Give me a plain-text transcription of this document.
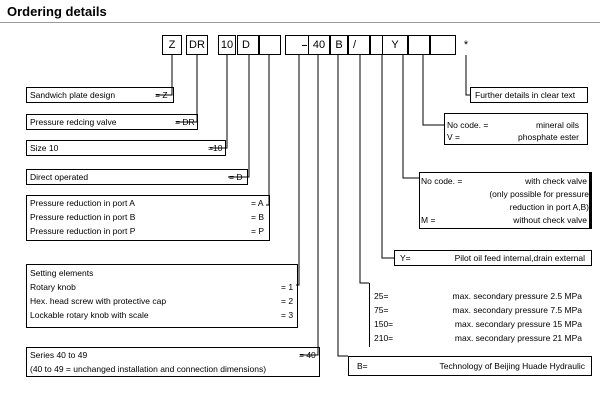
Ordering details
Z	DR 10 D	40 B /	Y	*
Sandwich plate design	= Z
Pressure redcing valve	= DR
Size 10	=10
Direct operated	= D
Pressure reduction in port A	= A
Pressure reduction in port B	= B
Pressure reduction in port P	= P
Setting elements
Rotary knob	= 1
Hex. head screw with protective cap	= 2
Lockable rotary knob with scale	= 3
Series 40 to 49	= 40
(40 to 49 = unchanged installation and connection dimensions)
Further details in clear text
No code. =	mineral oils
V =	phosphate ester
No code. =	with check valve
(only possible for pressure
reduction in port A,B)
M =	without check valve
Y=	Pilot oil feed internal,drain external
25=	max. secondary pressure 2.5 MPa
75=	max. secondary pressure 7.5 MPa
150=	max. secondary pressure 15 MPa
210=	max. secondary pressure 21 MPa
B=	Technology of Beijing Huade Hydraulic
